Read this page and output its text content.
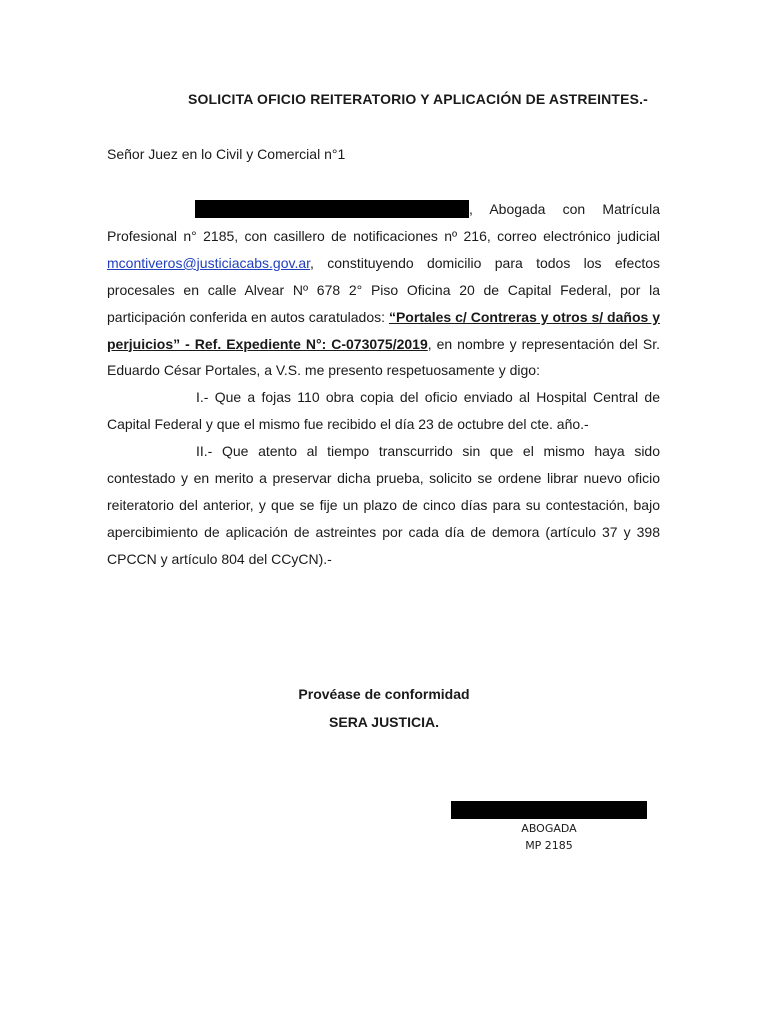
SOLICITA OFICIO REITERATORIO Y APLICACIÓN DE ASTREINTES.-
Señor Juez en lo Civil y Comercial n°1

, Abogada con Matrícula Profesional n° 2185, con casillero de notificaciones nº 216, correo electrónico judicial mcontiveros@justiciacabs.gov.ar, constituyendo domicilio para todos los efectos procesales en calle Alvear Nº 678 2° Piso Oficina 20 de Capital Federal, por la participación conferida en autos caratulados: “Portales c/ Contreras y otros s/ daños y perjuicios” - Ref. Expediente N°: C-073075/2019, en nombre y representación del Sr. Eduardo César Portales, a V.S. me presento respetuosamente y digo:

I.- Que a fojas 110 obra copia del oficio enviado al Hospital Central de Capital Federal y que el mismo fue recibido el día 23 de octubre del cte. año.-

II.- Que atento al tiempo transcurrido sin que el mismo haya sido contestado y en merito a preservar dicha prueba, solicito se ordene librar nuevo oficio reiteratorio del anterior, y que se fije un plazo de cinco días para su contestación, bajo apercibimiento de aplicación de astreintes por cada día de demora (artículo 37 y 398 CPCCN y artículo 804 del CCyCN).-

Provéase de conformidad
SERA JUSTICIA.
ABOGADA
MP 2185
